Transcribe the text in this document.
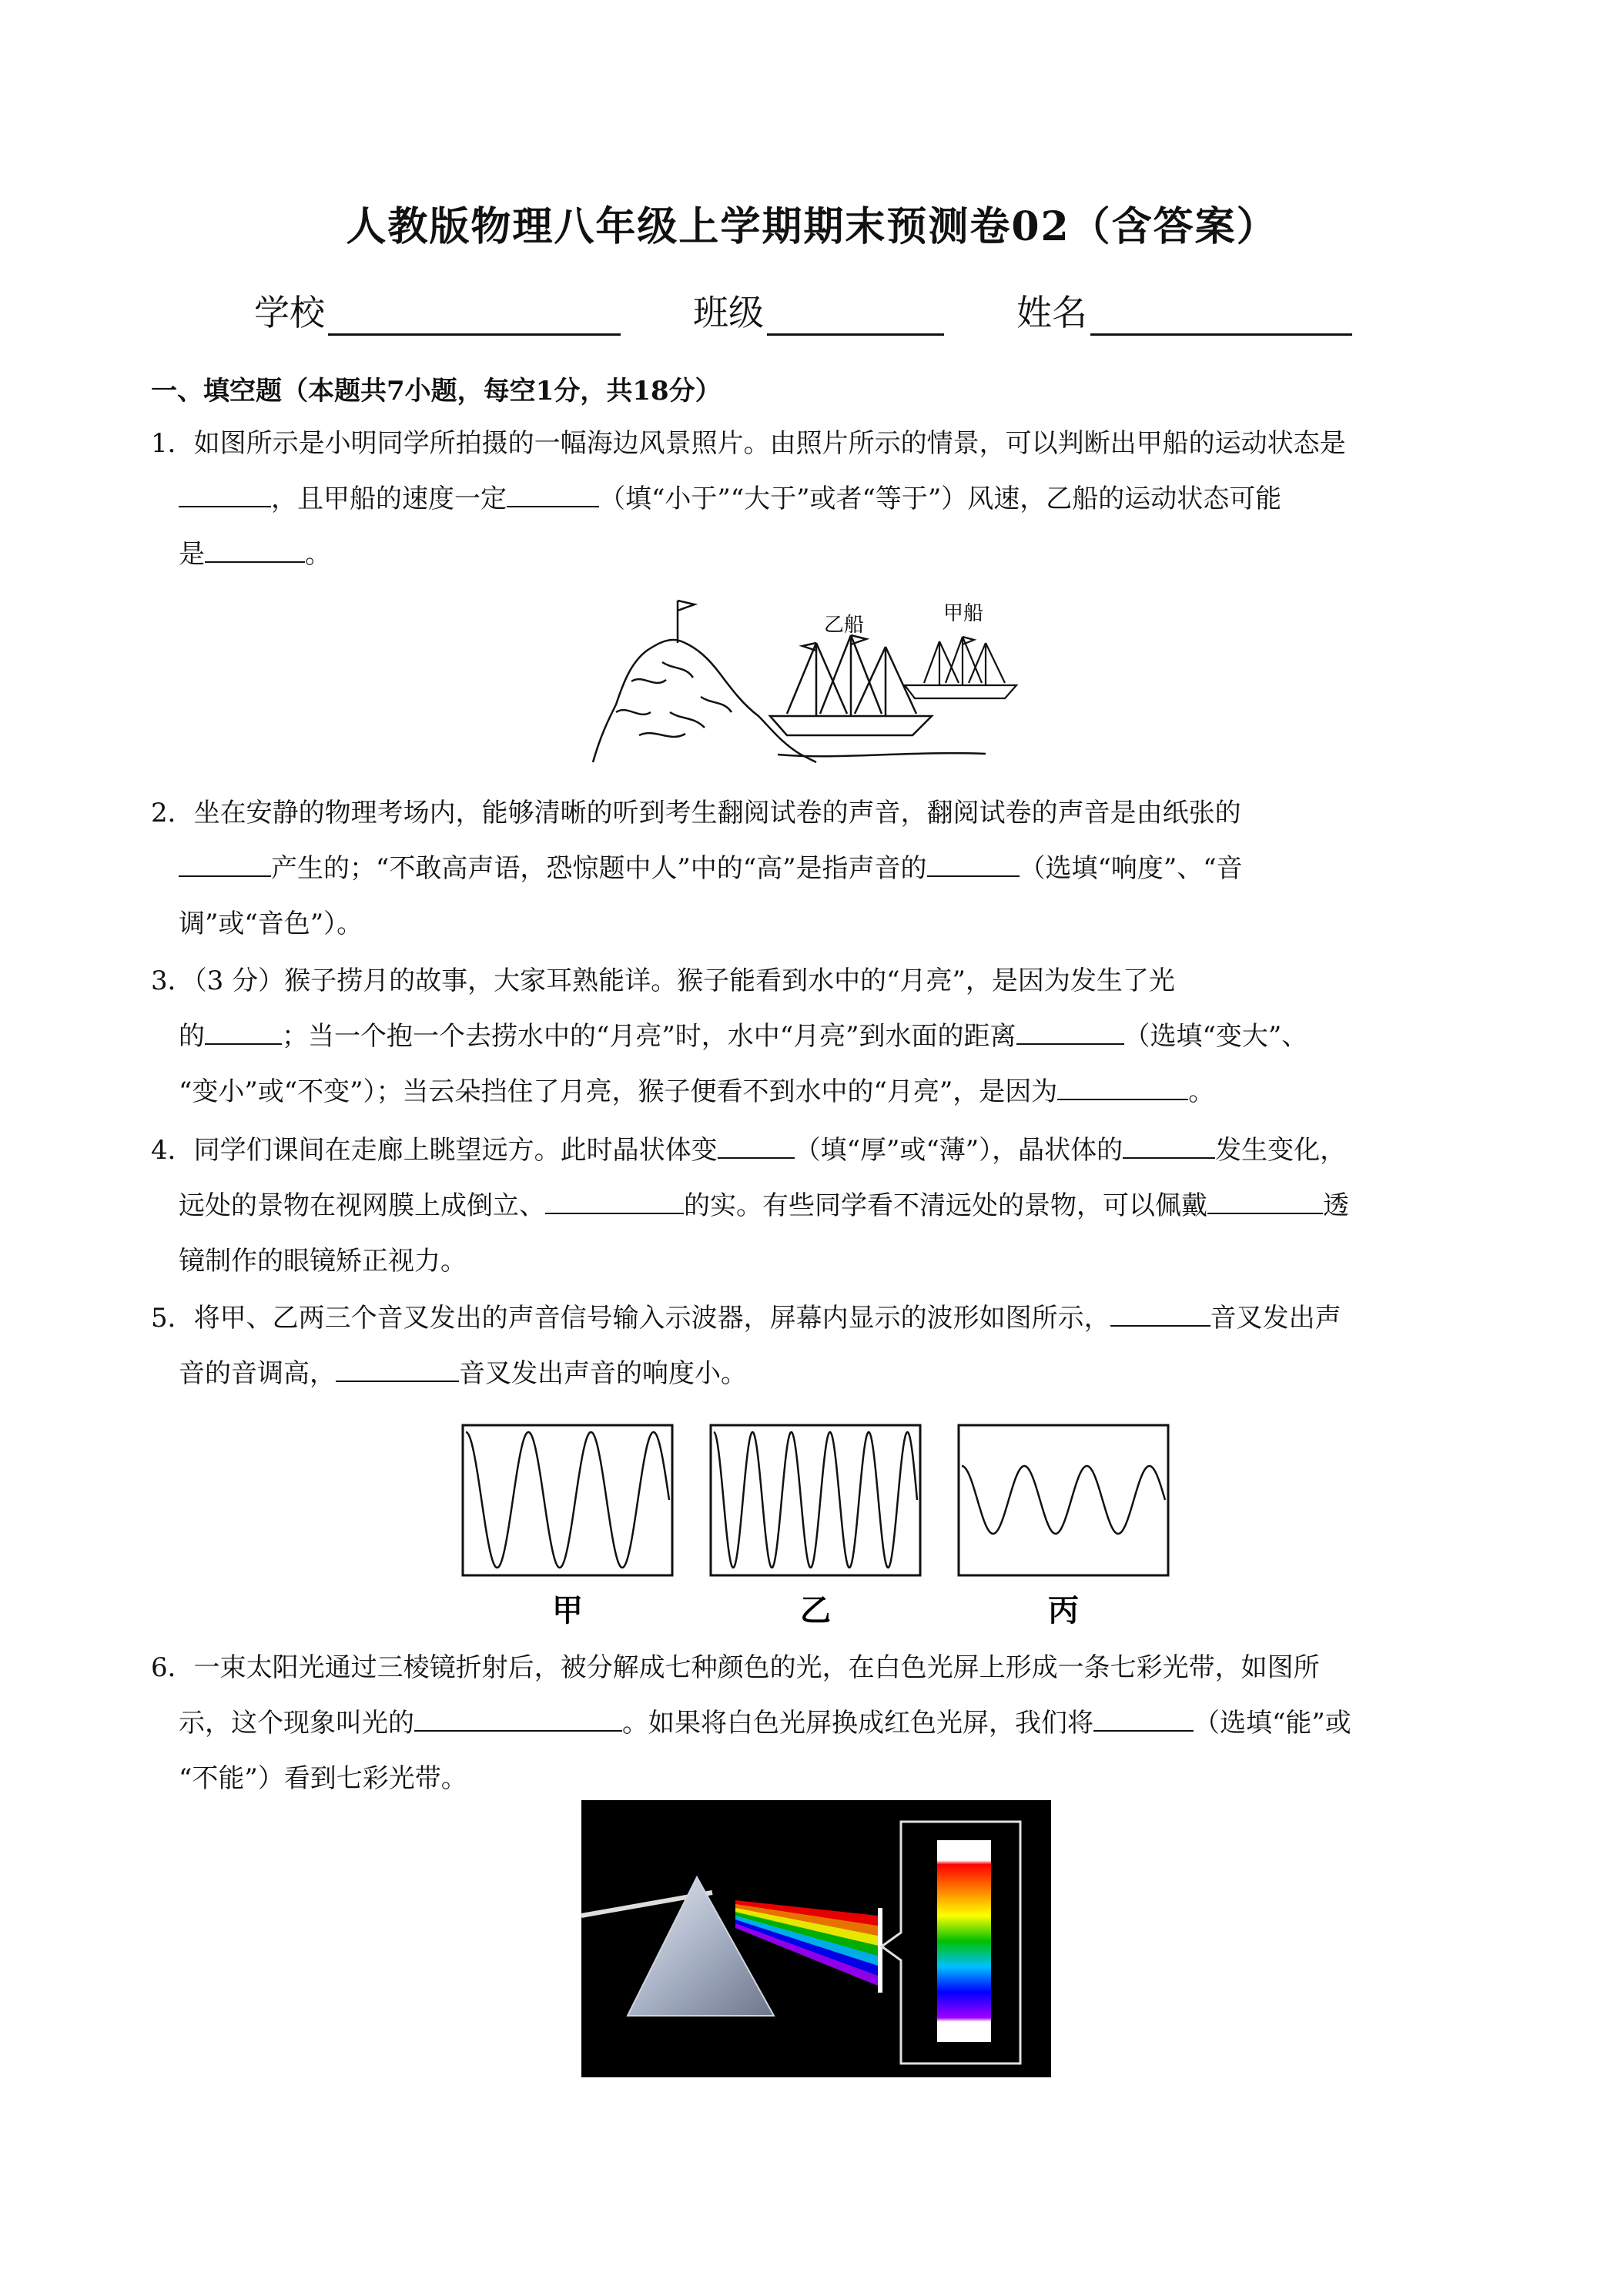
人教版物理八年级上学期期末预测卷02（含答案）
学校	班级	姓名
一、填空题（本题共7小题，每空1分，共18分）
1．如图所示是小明同学所拍摄的一幅海边风景照片。由照片所示的情景，可以判断出甲船的运动状态是
，且甲船的速度一定	（填“小于”“大于”或者“等于”）风速，乙船的运动状态可能
是	。
乙船	甲船
2．坐在安静的物理考场内，能够清晰的听到考生翻阅试卷的声音，翻阅试卷的声音是由纸张的
产生的；“不敢高声语，恐惊题中人”中的“高”是指声音的	（选填“响度”、“音
调”或“音色”）。
3．（3 分）猴子捞月的故事，大家耳熟能详。猴子能看到水中的“月亮”，是因为发生了光
的	；当一个抱一个去捞水中的“月亮”时，水中“月亮”到水面的距离	（选填“变大”、
“变小”或“不变”）；当云朵挡住了月亮，猴子便看不到水中的“月亮”，是因为	。
4．同学们课间在走廊上眺望远方。此时晶状体变	（填“厚”或“薄”），晶状体的	发生变化，
远处的景物在视网膜上成倒立、	的实。有些同学看不清远处的景物，可以佩戴	透
镜制作的眼镜矫正视力。
5．将甲、乙两三个音叉发出的声音信号输入示波器，屏幕内显示的波形如图所示，	音叉发出声
音的音调高，	音叉发出声音的响度小。
甲	乙	丙
6．一束太阳光通过三棱镜折射后，被分解成七种颜色的光，在白色光屏上形成一条七彩光带，如图所
示，这个现象叫光的	。如果将白色光屏换成红色光屏，我们将	（选填“能”或
“不能”）看到七彩光带。
